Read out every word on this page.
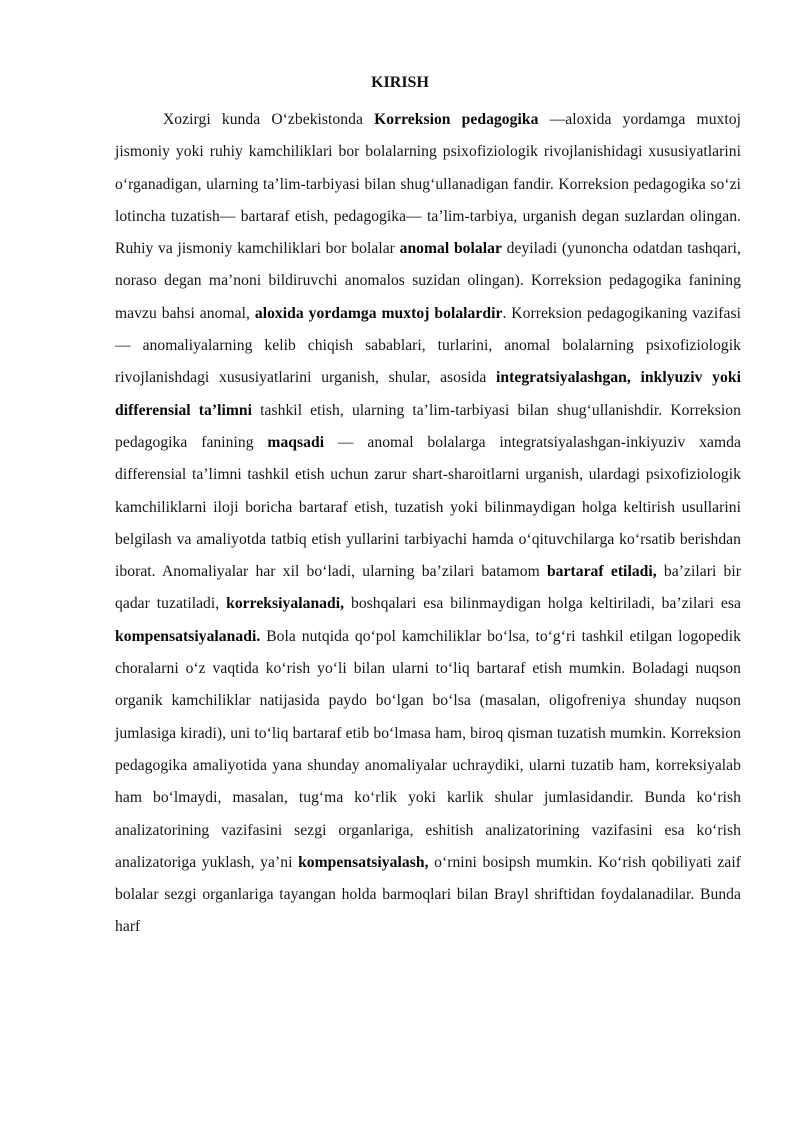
KIRISH

Xozirgi kunda O‘zbekistonda Korreksion pedagogika —aloxida yordamga muxtoj jismoniy yoki ruhiy kamchiliklari bor bolalarning psixofiziologik rivojlanishidagi xususiyatlarini o‘rganadigan, ularning ta’lim-tarbiyasi bilan shug‘ullanadigan fandir. Korreksion pedagogika so‘zi lotincha tuzatish— bartaraf etish, pedagogika— ta’lim-tarbiya, urganish degan suzlardan olingan. Ruhiy va jismoniy kamchiliklari bor bolalar anomal bolalar deyiladi (yunoncha odatdan tashqari, noraso degan ma’noni bildiruvchi anomalos suzidan olingan). Korreksion pedagogika fanining mavzu bahsi anomal, aloxida yordamga muxtoj bolalardir. Korreksion pedagogikaning vazifasi — anomaliyalarning kelib chiqish sabablari, turlarini, anomal bolalarning psixofiziologik rivojlanishdagi xususiyatlarini urganish, shular, asosida integratsiyalashgan, inklyuziv yoki differensial ta’limni tashkil etish, ularning ta’lim-tarbiyasi bilan shug‘ullanishdir. Korreksion pedagogika fanining maqsadi — anomal bolalarga integratsiyalashgan-inkiyuziv xamda differensial ta’limni tashkil etish uchun zarur shart-sharoitlarni urganish, ulardagi psixofiziologik kamchiliklarni iloji boricha bartaraf etish, tuzatish yoki bilinmaydigan holga keltirish usullarini belgilash va amaliyotda tatbiq etish yullarini tarbiyachi hamda o‘qituvchilarga ko‘rsatib berishdan iborat. Anomaliyalar har xil bo‘ladi, ularning ba’zilari batamom bartaraf etiladi, ba’zilari bir qadar tuzatiladi, korreksiyalanadi, boshqalari esa bilinmaydigan holga keltiriladi, ba’zilari esa kompensatsiyalanadi. Bola nutqida qo‘pol kamchiliklar bo‘lsa, to‘g‘ri tashkil etilgan logopedik choralarni o‘z vaqtida ko‘rish yo‘li bilan ularni to‘liq bartaraf etish mumkin. Boladagi nuqson organik kamchiliklar natijasida paydo bo‘lgan bo‘lsa (masalan, oligofreniya shunday nuqson jumlasiga kiradi), uni to‘liq bartaraf etib bo‘lmasa ham, biroq qisman tuzatish mumkin. Korreksion pedagogika amaliyotida yana shunday anomaliyalar uchraydiki, ularni tuzatib ham, korreksiyalab ham bo‘lmaydi, masalan, tug‘ma ko‘rlik yoki karlik shular jumlasidandir. Bunda ko‘rish analizatorining vazifasini sezgi organlariga, eshitish analizatorining vazifasini esa ko‘rish analizatoriga yuklash, ya’ni kompensatsiyalash, o‘rnini bosipsh mumkin. Ko‘rish qobiliyati zaif bolalar sezgi organlariga tayangan holda barmoqlari bilan Brayl shriftidan foydalanadilar. Bunda harf
